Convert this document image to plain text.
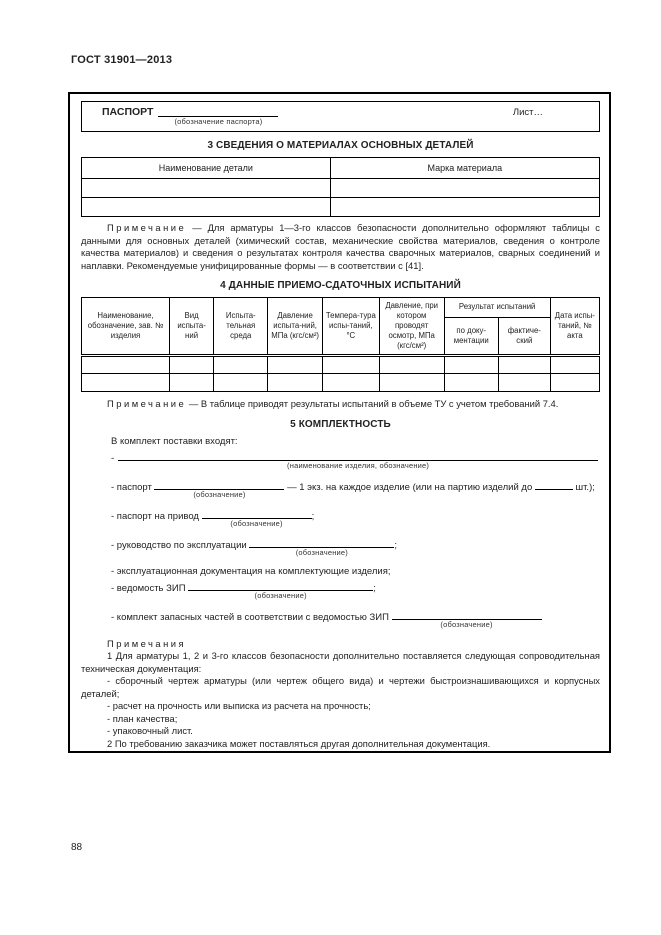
ГОСТ 31901—2013
ПАСПОРТ
(обозначение паспорта)
Лист…
3 СВЕДЕНИЯ О МАТЕРИАЛАХ ОСНОВНЫХ ДЕТАЛЕЙ
Наименование детали	Марка материала

Примечание — Для арматуры 1—3-го классов безопасности дополнительно оформляют таблицы с данными для основных деталей (химический состав, механические свойства материалов, сведения о контроле качества материалов) и сведения о результатах контроля качества сварочных материалов, сварных соединений и наплавки. Рекомендуемые унифицированные формы — в соответствии с [41].

4 ДАННЫЕ ПРИЕМО-СДАТОЧНЫХ ИСПЫТАНИЙ
Наименование, обозначение, зав. № изделия	Вид испыта-ний	Испыта-тельная среда	Давление испыта-ний, МПа (кгс/см²)	Темпера-тура испы-таний, °С	Давление, при котором проводят осмотр, МПа (кгс/см²)	Результат испытаний		Дата испы-таний, № акта
						по доку-ментации	фактиче-ский	

Примечание — В таблице приводят результаты испытаний в объеме ТУ с учетом требований 7.4.

5 КОМПЛЕКТНОСТЬ

В комплект поставки входят:

-
(наименование изделия, обозначение)
- паспорт
(обозначение)
— 1 экз. на каждое изделие (или на партию изделий до	шт.);
- паспорт на привод
(обозначение)
;
- руководство по эксплуатации
(обозначение)
;
- эксплуатационная документация на комплектующие изделия;
- ведомость ЗИП
(обозначение)
;
- комплект запасных частей в соответствии с ведомостью ЗИП
(обозначение)

Примечания

1 Для арматуры 1, 2 и 3-го классов безопасности дополнительно поставляется следующая сопроводительная техническая документация:

- сборочный чертеж арматуры (или чертеж общего вида) и чертежи быстроизнашивающихся и корпусных деталей;

- расчет на прочность или выписка из расчета на прочность;

- план качества;

- упаковочный лист.

2 По требованию заказчика может поставляться другая дополнительная документация.

88
